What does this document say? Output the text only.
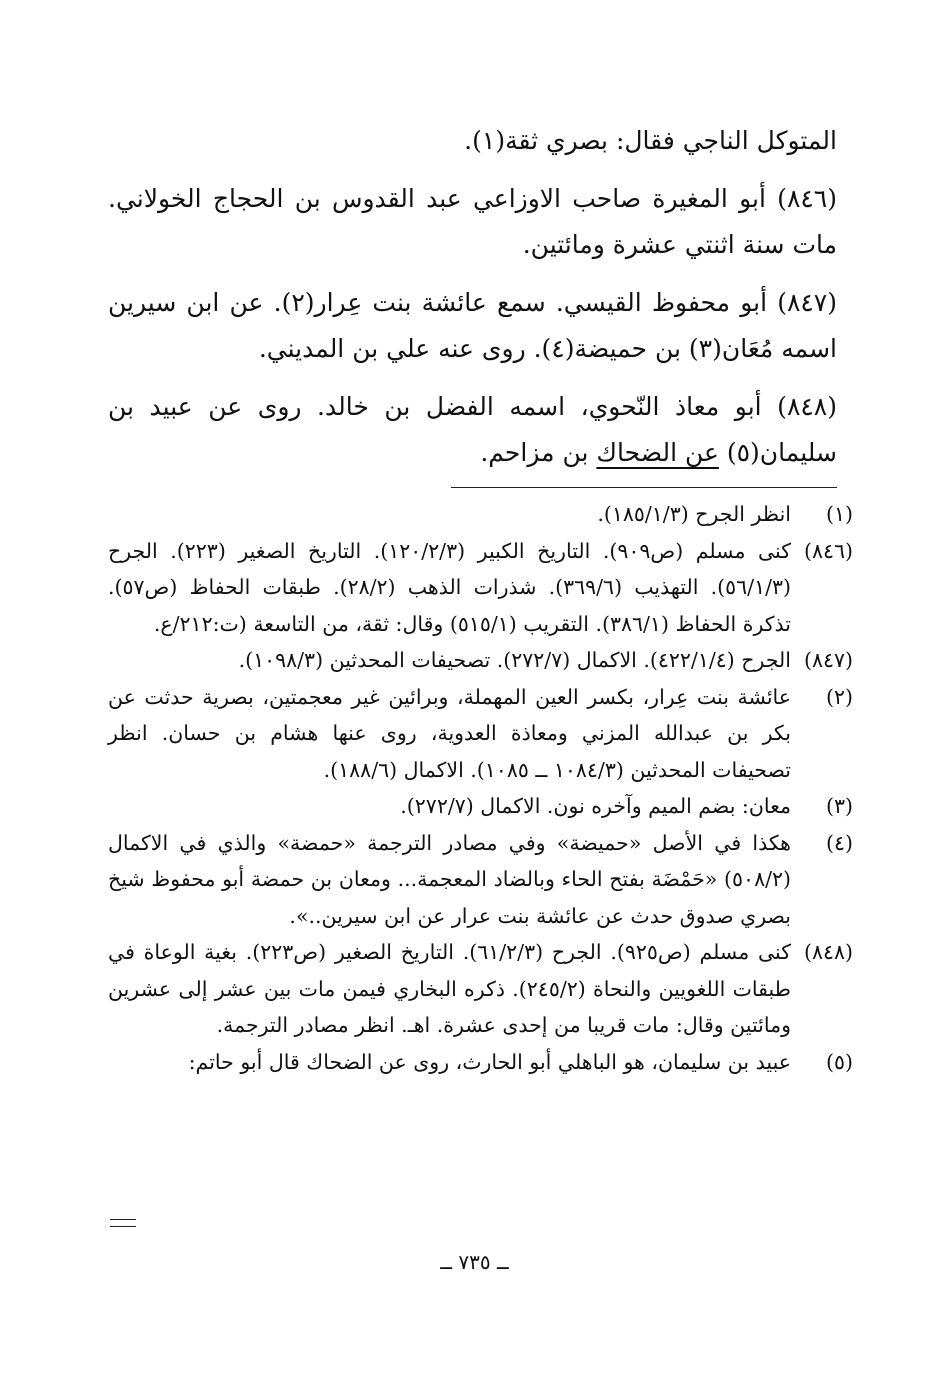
المتوكل الناجي فقال: بصري ثقة(١).

(٨٤٦) أبو المغيرة صاحب الاوزاعي عبد القدوس بن الحجاج الخولاني. مات سنة اثنتي عشرة ومائتين.

(٨٤٧) أبو محفوظ القيسي. سمع عائشة بنت عِرار(٢). عن ابن سيرين اسمه مُعَان(٣) بن حميضة(٤). روى عنه علي بن المديني.

(٨٤٨) أبو معاذ النّحوي، اسمه الفضل بن خالد. روى عن عبيد بن سليمان(٥) عن الضحاك بن مزاحم.

(١)
انظر الجرح (١٨٥/١/٣).
(٨٤٦)
كنى مسلم (ص٩٠٩). التاريخ الكبير (١٢٠/٢/٣). التاريخ الصغير (٢٢٣). الجرح (٥٦/١/٣). التهذيب (٣٦٩/٦). شذرات الذهب (٢٨/٢). طبقات الحفاظ (ص٥٧). تذكرة الحفاظ (٣٨٦/١). التقريب (٥١٥/١) وقال: ثقة، من التاسعة (ت:٢١٢/ع.
(٨٤٧)
الجرح (٤٢٢/١/٤). الاكمال (٢٧٢/٧). تصحيفات المحدثين (١٠٩٨/٣).
(٢)
عائشة بنت عِرار، بكسر العين المهملة، وبرائين غير معجمتين، بصرية حدثت عن بكر بن عبدالله المزني ومعاذة العدوية، روى عنها هشام بن حسان. انظر تصحيفات المحدثين (١٠٨٤/٣ ــ ١٠٨٥). الاكمال (١٨٨/٦).
(٣)
معان: بضم الميم وآخره نون. الاكمال (٢٧٢/٧).
(٤)
هكذا في الأصل «حميضة» وفي مصادر الترجمة «حمضة» والذي في الاكمال (٥٠٨/٢) «حَمْضَة بفتح الحاء وبالضاد المعجمة... ومعان بن حمضة أبو محفوظ شيخ بصري صدوق حدث عن عائشة بنت عرار عن ابن سيرين..».
(٨٤٨)
كنى مسلم (ص٩٢٥). الجرح (٦١/٢/٣). التاريخ الصغير (ص٢٢٣). بغية الوعاة في طبقات اللغويين والنحاة (٢٤٥/٢). ذكره البخاري فيمن مات بين عشر إلى عشرين ومائتين وقال: مات قريبا من إحدى عشرة. اهـ. انظر مصادر الترجمة.
(٥)
عبيد بن سليمان، هو الباهلي أبو الحارث، روى عن الضحاك قال أبو حاتم:
ــ ٧٣٥ ــ
